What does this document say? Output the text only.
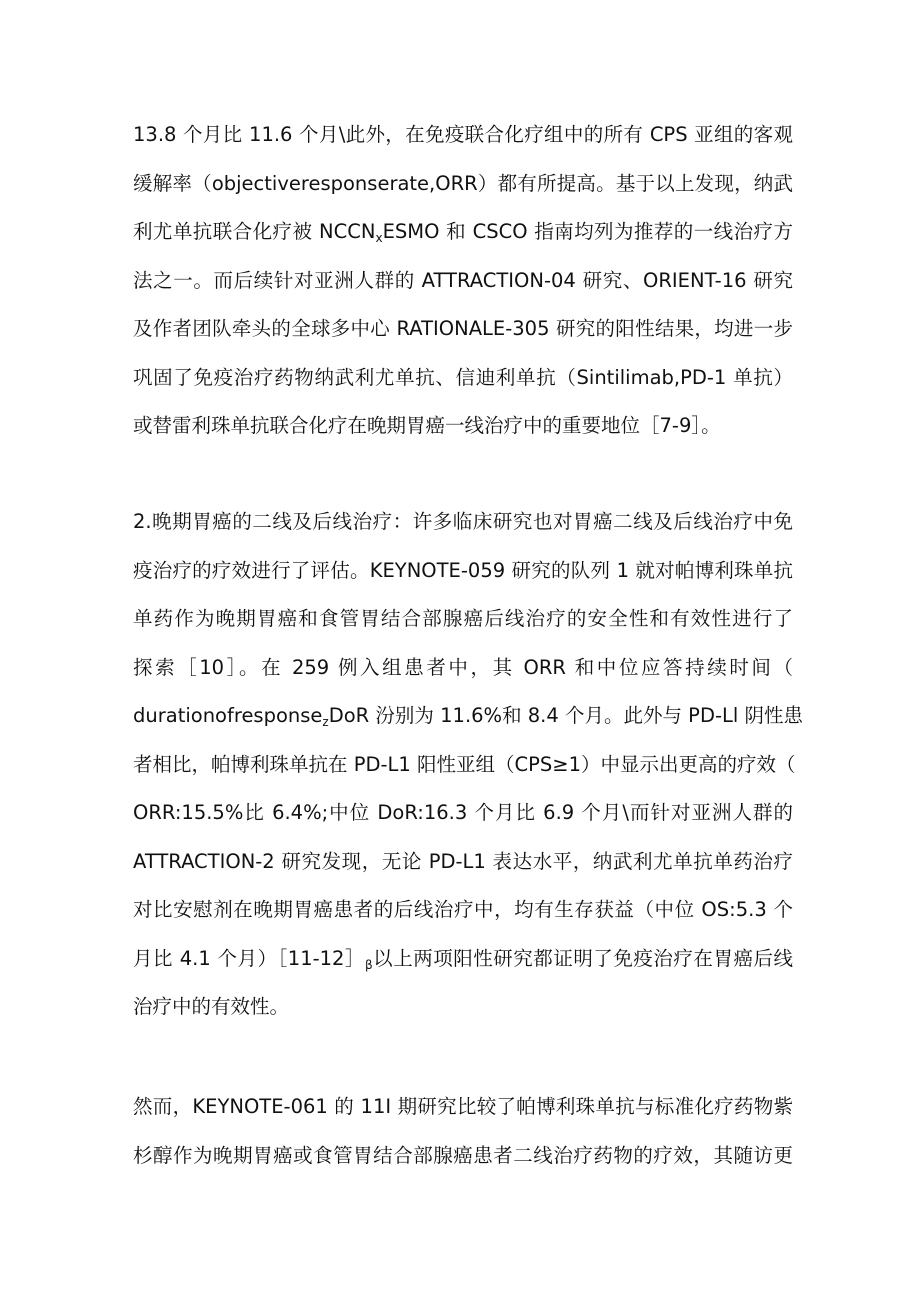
13.8 个月比 11.6 个月\此外，在免疫联合化疗组中的所有 CPS 亚组的客观
缓解率（objectiveresponserate,ORR）都有所提高。基于以上发现，纳武
利尤单抗联合化疗被 $NCCN_xESMO$ 和 CSCO 指南均列为推荐的一线治疗方
法之一。而后续针对亚洲人群的 ATTRACTION-04 研究、ORIENT-16 研究
及作者团队牵头的全球多中心 RATIONALE-305 研究的阳性结果，均进一步
巩固了免疫治疗药物纳武利尤单抗、信迪利单抗（Sintilimab,PD-1 单抗）
或替雷利珠单抗联合化疗在晚期胃癌一线治疗中的重要地位［7-9］。
2.晚期胃癌的二线及后线治疗：许多临床研究也对胃癌二线及后线治疗中免
疫治疗的疗效进行了评估。KEYNOTE-059 研究的队列 1 就对帕博利珠单抗
单药作为晚期胃癌和食管胃结合部腺癌后线治疗的安全性和有效性进行了
探索［10］。在 259 例入组患者中，其 ORR 和中位应答持续时间（
durationofresponse$_z$DoR 汾别为 11.6%和 8.4 个月。此外与 PD-Ll 阴性患
者相比，帕博利珠单抗在 PD-L1 阳性亚组（CPS≥1）中显示出更高的疗效（
ORR:15.5%比 6.4%;中位 DoR:16.3 个月比 6.9 个月\而针对亚洲人群的
ATTRACTION-2 研究发现，无论 PD-L1 表达水平，纳武利尤单抗单药治疗
对比安慰剂在晚期胃癌患者的后线治疗中，均有生存获益（中位 OS:5.3 个
月比 4.1 个月）$[11-12]_\beta$以上两项阳性研究都证明了免疫治疗在胃癌后线
治疗中的有效性。
然而，KEYNOTE-061 的 11I 期研究比较了帕博利珠单抗与标准化疗药物紫
杉醇作为晚期胃癌或食管胃结合部腺癌患者二线治疗药物的疗效，其随访更
